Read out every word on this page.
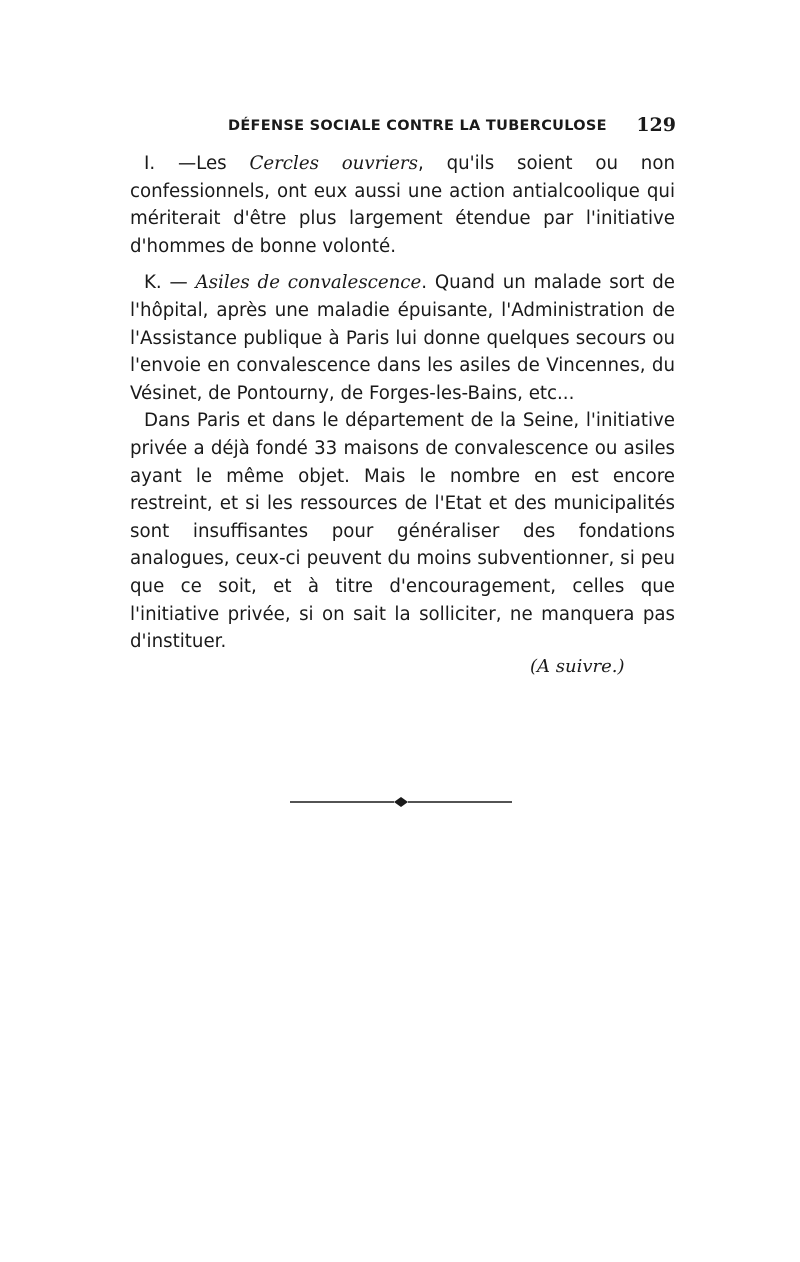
DÉFENSE SOCIALE CONTRE LA TUBERCULOSE 129

I. —Les Cercles ouvriers, qu'ils soient ou non confessionnels, ont eux aussi une action antialcoolique qui mériterait d'être plus largement étendue par l'initiative d'hommes de bonne volonté.

K. — Asiles de convalescence. Quand un malade sort de l'hôpital, après une maladie épuisante, l'Administration de l'Assistance publique à Paris lui donne quelques secours ou l'envoie en convalescence dans les asiles de Vincennes, du Vésinet, de Pontourny, de Forges-les-Bains, etc...

Dans Paris et dans le département de la Seine, l'initiative privée a déjà fondé 33 maisons de convalescence ou asiles ayant le même objet. Mais le nombre en est encore restreint, et si les ressources de l'Etat et des municipalités sont insuffisantes pour généraliser des fondations analogues, ceux-ci peuvent du moins subventionner, si peu que ce soit, et à titre d'encouragement, celles que l'initiative privée, si on sait la solliciter, ne manquera pas d'instituer.

(A suivre.)
